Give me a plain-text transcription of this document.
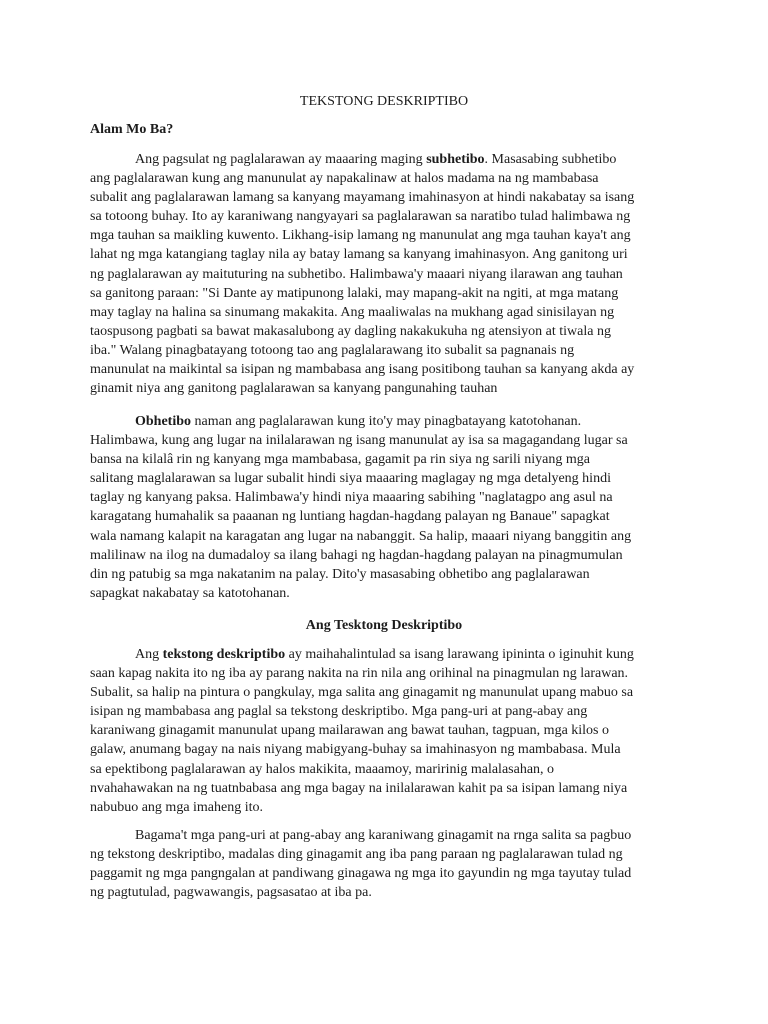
TEKSTONG DESKRIPTIBO
Alam Mo Ba?
Ang pagsulat ng paglalarawan ay maaaring maging subhetibo. Masasabing subhetibo
ang paglalarawan kung ang manunulat ay napakalinaw at halos madama na ng mambabasa
subalit ang paglalarawan lamang sa kanyang mayamang imahinasyon at hindi nakabatay sa isang
sa totoong buhay. Ito ay karaniwang nangyayari sa paglalarawan sa naratibo tulad halimbawa ng
mga tauhan sa maikling kuwento. Likhang-isip lamang ng manunulat ang mga tauhan kaya't ang
lahat ng mga katangiang taglay nila ay batay lamang sa kanyang imahinasyon. Ang ganitong uri
ng paglalarawan ay maituturing na subhetibo. Halimbawa'y maaari niyang ilarawan ang tauhan
sa ganitong paraan: "Si Dante ay matipunong lalaki, may mapang-akit na ngiti, at mga matang
may taglay na halina sa sinumang makakita. Ang maaliwalas na mukhang agad sinisilayan ng
taospusong pagbati sa bawat makasalubong ay dagling nakakukuha ng atensiyon at tiwala ng
iba." Walang pinagbatayang totoong tao ang paglalarawang ito subalit sa pagnanais ng
manunulat na maikintal sa isipan ng mambabasa ang isang positibong tauhan sa kanyang akda ay
ginamit niya ang ganitong paglalarawan sa kanyang pangunahing tauhan
Obhetibo naman ang paglalarawan kung ito'y may pinagbatayang katotohanan.
Halimbawa, kung ang lugar na inilalarawan ng isang manunulat ay isa sa magagandang lugar sa
bansa na kilalâ rin ng kanyang mga mambabasa, gagamit pa rin siya ng sarili niyang mga
salitang maglalarawan sa lugar subalit hindi siya maaaring maglagay ng mga detalyeng hindi
taglay ng kanyang paksa. Halimbawa'y hindi niya maaaring sabihing "naglatagpo ang asul na
karagatang humahalik sa paaanan ng luntiang hagdan-hagdang palayan ng Banaue" sapagkat
wala namang kalapit na karagatan ang lugar na nabanggit. Sa halip, maaari niyang banggitin ang
malilinaw na ilog na dumadaloy sa ilang bahagi ng hagdan-hagdang palayan na pinagmumulan
din ng patubig sa mga nakatanim na palay. Dito'y masasabing obhetibo ang paglalarawan
sapagkat nakabatay sa katotohanan.
Ang Tesktong Deskriptibo
Ang tekstong deskriptibo ay maihahalintulad sa isang larawang ipininta o iginuhit kung
saan kapag nakita ito ng iba ay parang nakita na rin nila ang orihinal na pinagmulan ng larawan.
Subalit, sa halip na pintura o pangkulay, mga salita ang ginagamit ng manunulat upang mabuo sa
isipan ng mambabasa ang paglal sa tekstong deskriptibo. Mga pang-uri at pang-abay ang
karaniwang ginagamit manunulat upang mailarawan ang bawat tauhan, tagpuan, mga kilos o
galaw, anumang bagay na nais niyang mabigyang-buhay sa imahinasyon ng mambabasa. Mula
sa epektibong paglalarawan ay halos makikita, maaamoy, maririnig malalasahan, o
nvahahawakan na ng tuatnbabasa ang mga bagay na inilalarawan kahit pa sa isipan lamang niya
nabubuo ang mga imaheng ito.
Bagama't mga pang-uri at pang-abay ang karaniwang ginagamit na rnga salita sa pagbuo
ng tekstong deskriptibo, madalas ding ginagamit ang iba pang paraan ng paglalarawan tulad ng
paggamit ng mga pangngalan at pandiwang ginagawa ng mga ito gayundin ng mga tayutay tulad
ng pagtutulad, pagwawangis, pagsasatao at iba pa.
